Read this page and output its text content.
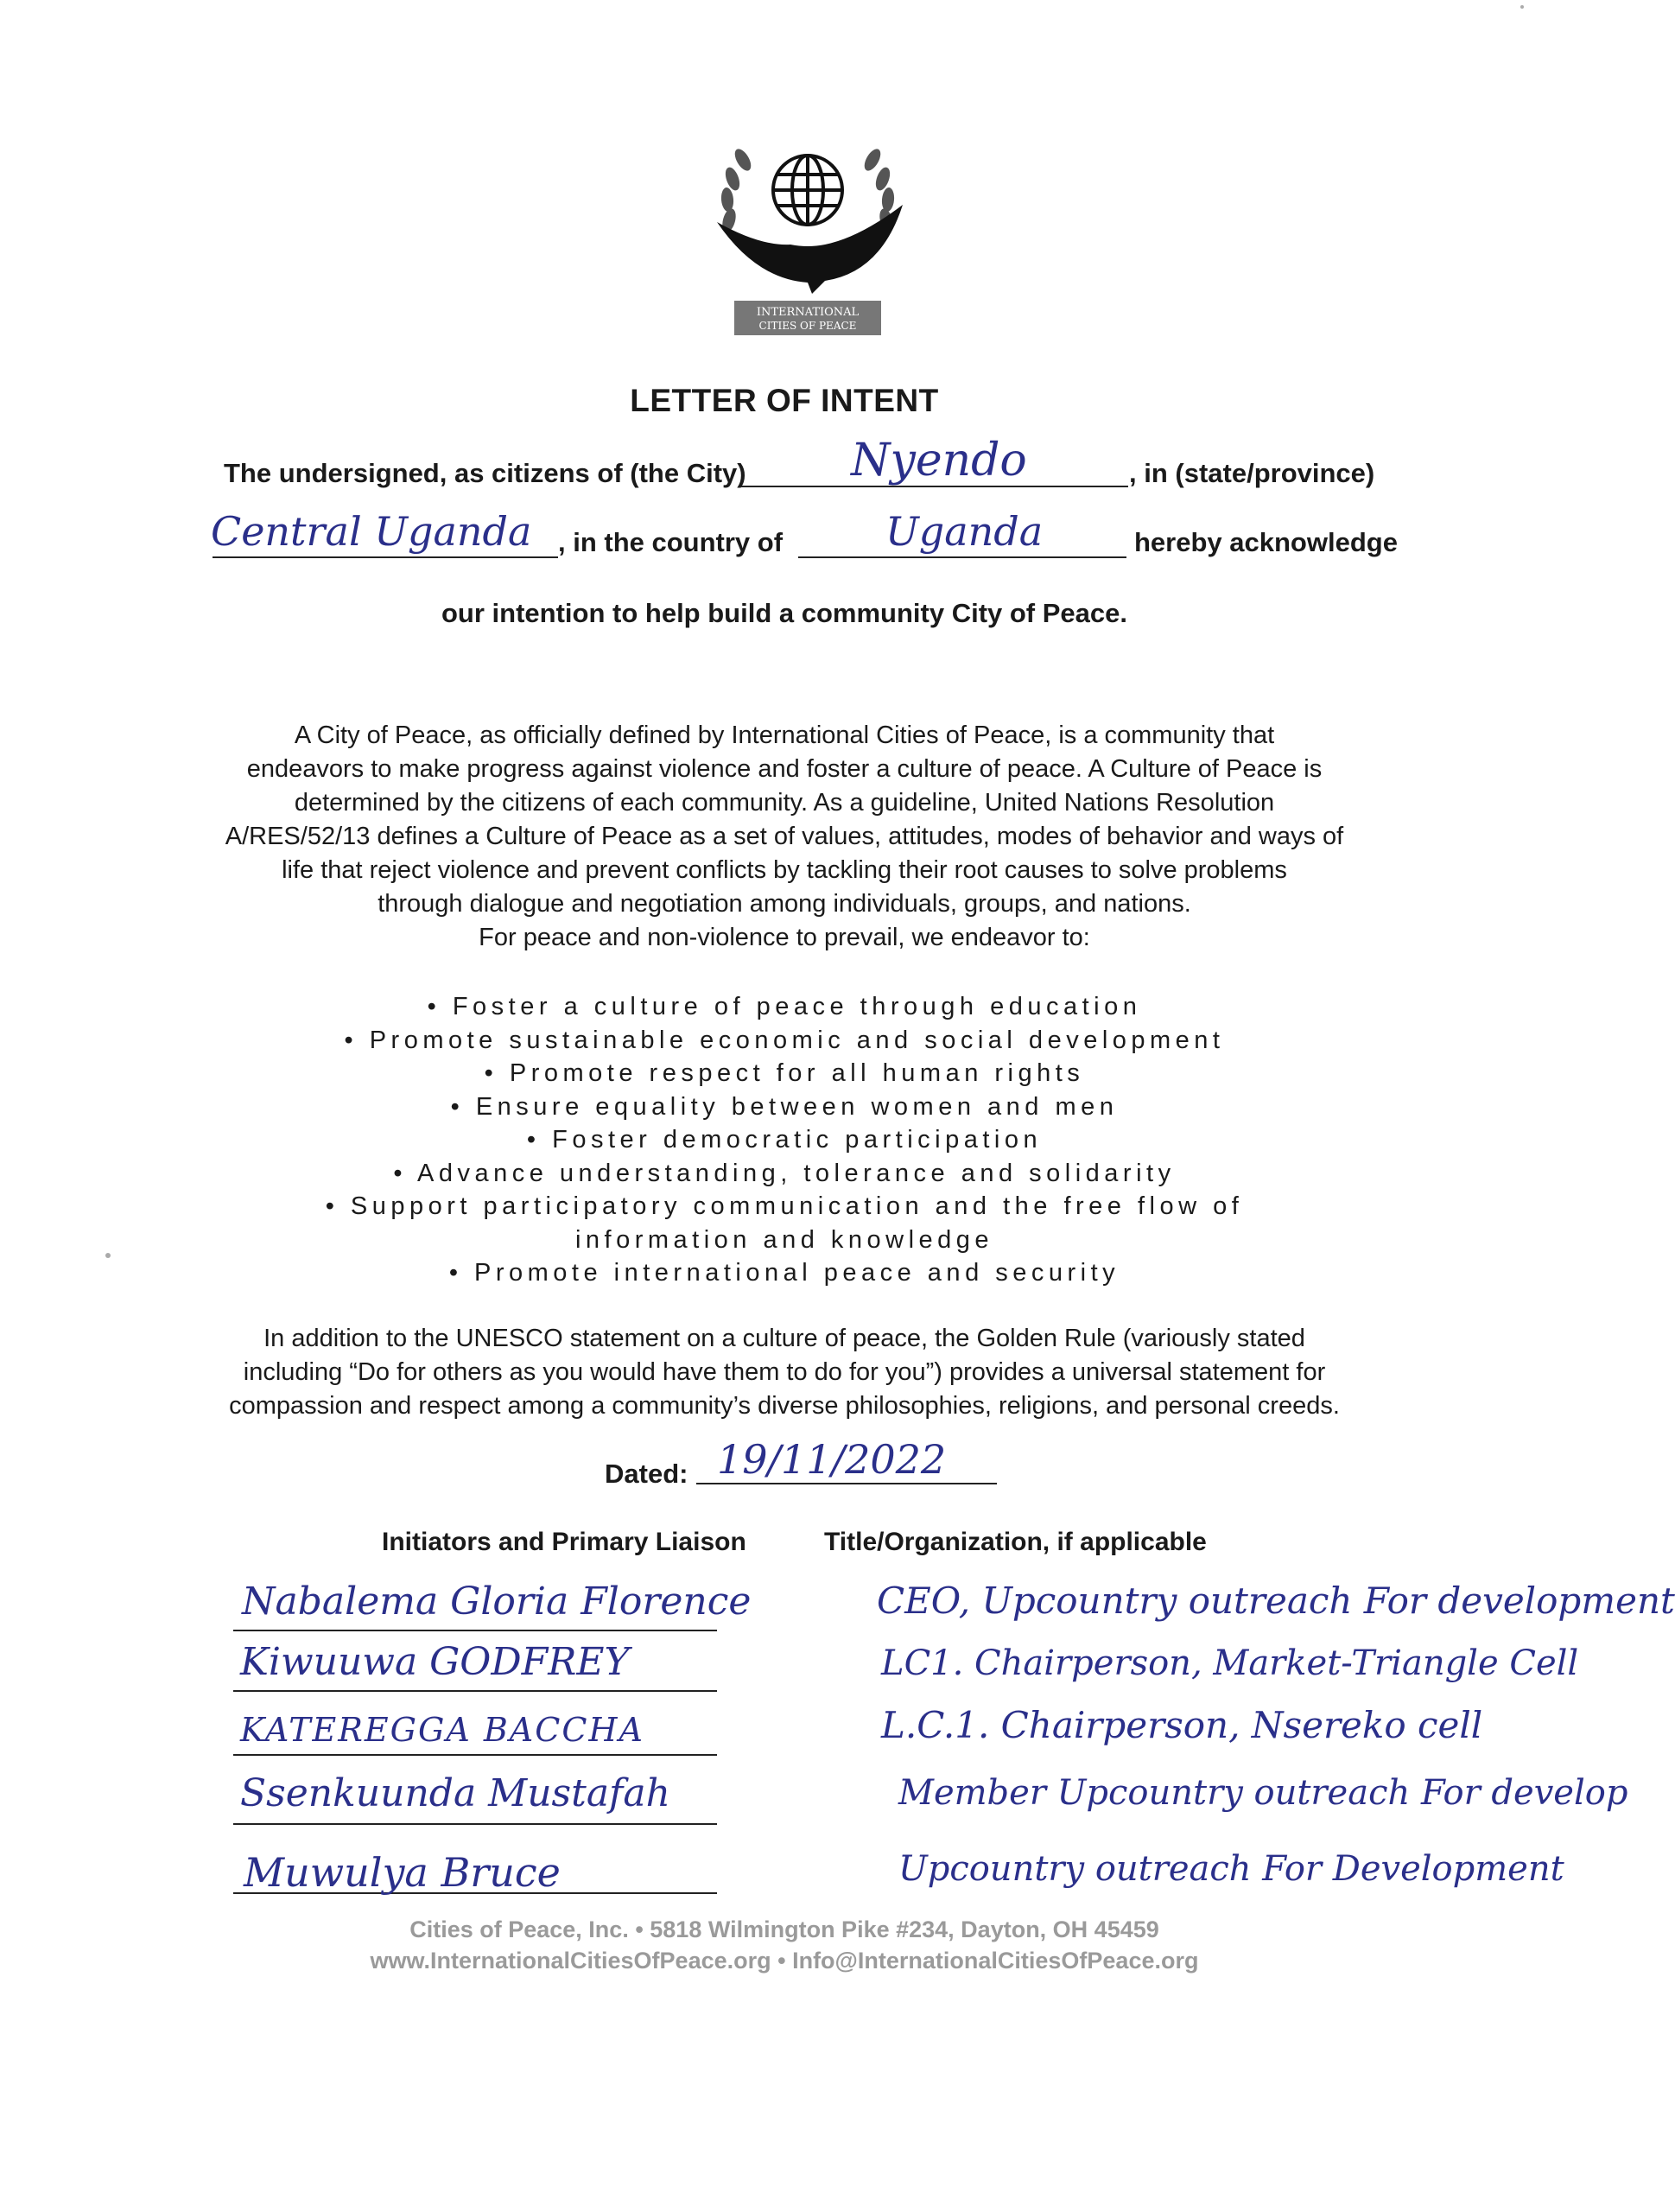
INTERNATIONAL
CITIES OF PEACE
LETTER OF INTENT
The undersigned, as citizens of (the City) Nyendo	, in (state/province)
Central Uganda , in the country of	Uganda	hereby acknowledge
our intention to help build a community City of Peace.
A City of Peace, as officially defined by International Cities of Peace, is a community that
endeavors to make progress against violence and foster a culture of peace. A Culture of Peace is
determined by the citizens of each community. As a guideline, United Nations Resolution
A/RES/52/13 defines a Culture of Peace as a set of values, attitudes, modes of behavior and ways of
life that reject violence and prevent conflicts by tackling their root causes to solve problems
through dialogue and negotiation among individuals, groups, and nations.
For peace and non-violence to prevail, we endeavor to:
• Foster a culture of peace through education
• Promote sustainable economic and social development
• Promote respect for all human rights
• Ensure equality between women and men
• Foster democratic participation
• Advance understanding, tolerance and solidarity
• Support participatory communication and the free flow of
information and knowledge
• Promote international peace and security
In addition to the UNESCO statement on a culture of peace, the Golden Rule (variously stated
including “Do for others as you would have them to do for you”) provides a universal statement for
compassion and respect among a community’s diverse philosophies, religions, and personal creeds.
Dated: 19/11/2022
Initiators and Primary Liaison	Title/Organization, if applicable
Nabalema Gloria Florence	CEO, Upcountry outreach For development
Kiwuuwa GODFREY	LC1. Chairperson, Market-Triangle Cell
KATEREGGA BACCHA	L.C.1. Chairperson, Nsereko cell
Ssenkuunda Mustafah	Member Upcountry outreach For develop
Muwulya Bruce	Upcountry outreach For Development
Cities of Peace, Inc. • 5818 Wilmington Pike #234, Dayton, OH 45459
www.InternationalCitiesOfPeace.org • Info@InternationalCitiesOfPeace.org
